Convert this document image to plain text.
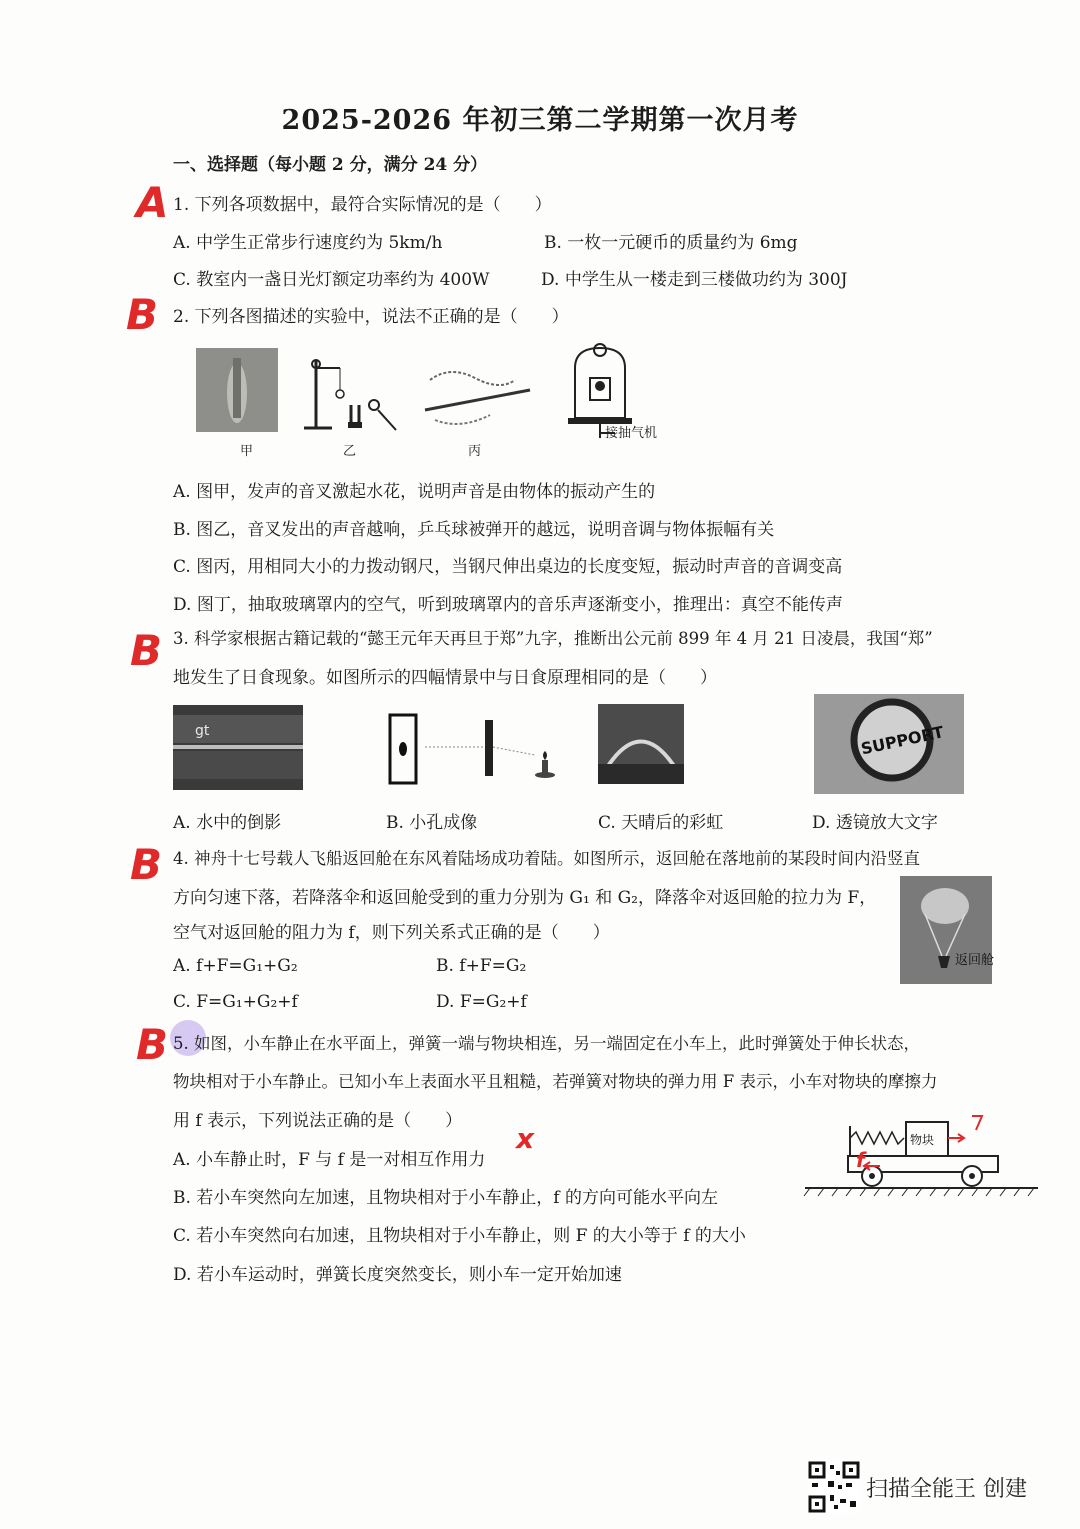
2025-2026 年初三第二学期第一次月考
一、选择题（每小题 2 分，满分 24 分）
A 1. 下列各项数据中，最符合实际情况的是（　　）
A. 中学生正常步行速度约为 5km/h	B. 一枚一元硬币的质量约为 6mg
C. 教室内一盏日光灯额定功率约为 400W	D. 中学生从一楼走到三楼做功约为 300J
B 2. 下列各图描述的实验中，说法不正确的是（　　）
甲	乙	丙
接抽气机
A. 图甲，发声的音叉激起水花，说明声音是由物体的振动产生的
B. 图乙，音叉发出的声音越响，乒乓球被弹开的越远，说明音调与物体振幅有关
C. 图丙，用相同大小的力拨动钢尺，当钢尺伸出桌边的长度变短，振动时声音的音调变高
D. 图丁，抽取玻璃罩内的空气，听到玻璃罩内的音乐声逐渐变小，推理出：真空不能传声
B 3. 科学家根据古籍记载的“懿王元年天再旦于郑”九字，推断出公元前 899 年 4 月 21 日凌晨，我国“郑”
地发生了日食现象。如图所示的四幅情景中与日食原理相同的是（　　）
gt	SUPPORT
A. 水中的倒影	B. 小孔成像	C. 天晴后的彩虹	D. 透镜放大文字
B 4. 神舟十七号载人飞船返回舱在东风着陆场成功着陆。如图所示，返回舱在落地前的某段时间内沿竖直
方向匀速下落，若降落伞和返回舱受到的重力分别为 G₁ 和 G₂，降落伞对返回舱的拉力为 F，
空气对返回舱的阻力为 f，则下列关系式正确的是（　　）
A. f+F=G₁+G₂	B. f+F=G₂
C. F=G₁+G₂+f	D. F=G₂+f
返回舱
B 5. 如图，小车静止在水平面上，弹簧一端与物块相连，另一端固定在小车上，此时弹簧处于伸长状态，
物块相对于小车静止。已知小车上表面水平且粗糙，若弹簧对物块的弹力用 F 表示，小车对物块的摩擦力
用 f 表示，下列说法正确的是（　　）
A. 小车静止时，F 与 f 是一对相互作用力
x
B. 若小车突然向左加速，且物块相对于小车静止，f 的方向可能水平向左
C. 若小车突然向右加速，且物块相对于小车静止，则 F 的大小等于 f 的大小
D. 若小车运动时，弹簧长度突然变长，则小车一定开始加速
物块
f
扫描全能王 创建
